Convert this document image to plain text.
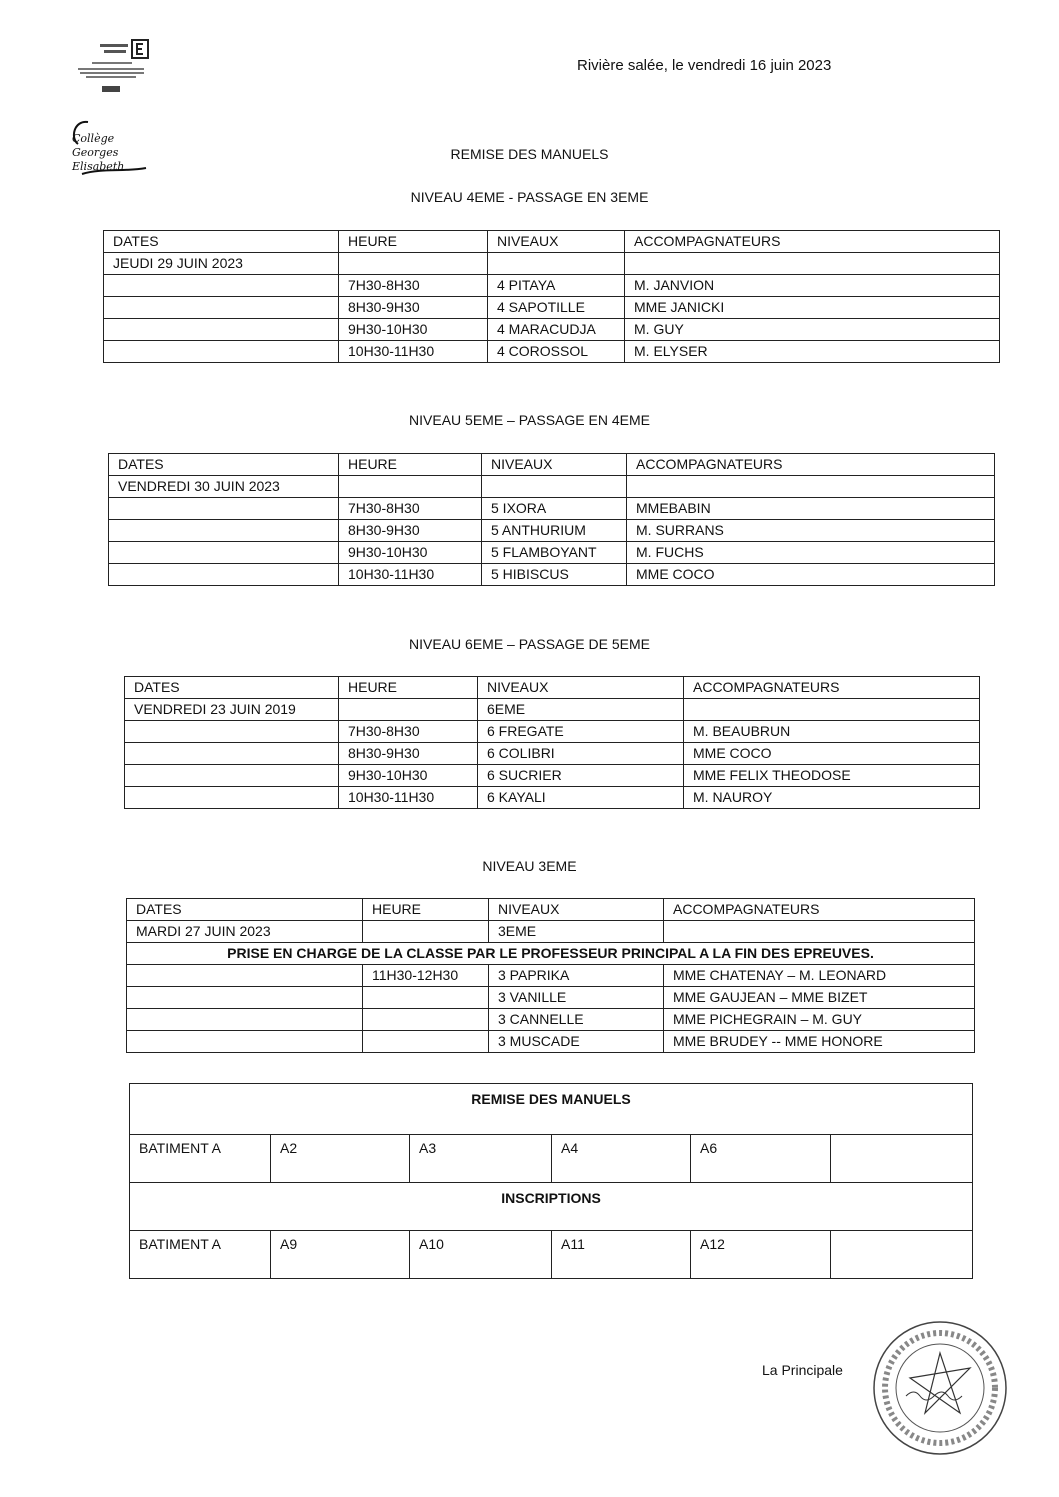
Collège Georges Elisabeth
Rivière salée, le vendredi 16 juin 2023
REMISE DES MANUELS
NIVEAU 4EME - PASSAGE EN 3EME
DATES	HEURE	NIVEAUX	ACCOMPAGNATEURS
JEUDI 29 JUIN 2023			
	7H30-8H30	4 PITAYA	M. JANVION
	8H30-9H30	4 SAPOTILLE	MME JANICKI
	9H30-10H30	4 MARACUDJA	M. GUY
	10H30-11H30	4 COROSSOL	M. ELYSER
NIVEAU 5EME – PASSAGE EN 4EME
DATES	HEURE	NIVEAUX	ACCOMPAGNATEURS
VENDREDI 30 JUIN 2023			
	7H30-8H30	5 IXORA	MMEBABIN
	8H30-9H30	5 ANTHURIUM	M. SURRANS
	9H30-10H30	5 FLAMBOYANT	M. FUCHS
	10H30-11H30	5 HIBISCUS	MME COCO
NIVEAU 6EME – PASSAGE DE 5EME
DATES	HEURE	NIVEAUX	ACCOMPAGNATEURS
VENDREDI 23 JUIN 2019		6EME	
	7H30-8H30	6 FREGATE	M. BEAUBRUN
	8H30-9H30	6 COLIBRI	MME COCO
	9H30-10H30	6 SUCRIER	MME FELIX THEODOSE
	10H30-11H30	6 KAYALI	M. NAUROY
NIVEAU 3EME
DATES	HEURE	NIVEAUX	ACCOMPAGNATEURS
MARDI 27 JUIN 2023		3EME	
PRISE EN CHARGE DE LA CLASSE PAR LE PROFESSEUR PRINCIPAL A LA FIN DES EPREUVES.			
	11H30-12H30	3 PAPRIKA	MME CHATENAY – M. LEONARD
		3 VANILLE	MME GAUJEAN – MME BIZET
		3 CANNELLE	MME PICHEGRAIN – M. GUY
		3 MUSCADE	MME BRUDEY -- MME HONORE
REMISE DES MANUELS					
BATIMENT A	A2	A3	A4	A6	
INSCRIPTIONS					
BATIMENT A	A9	A10	A11	A12	
La Principale
